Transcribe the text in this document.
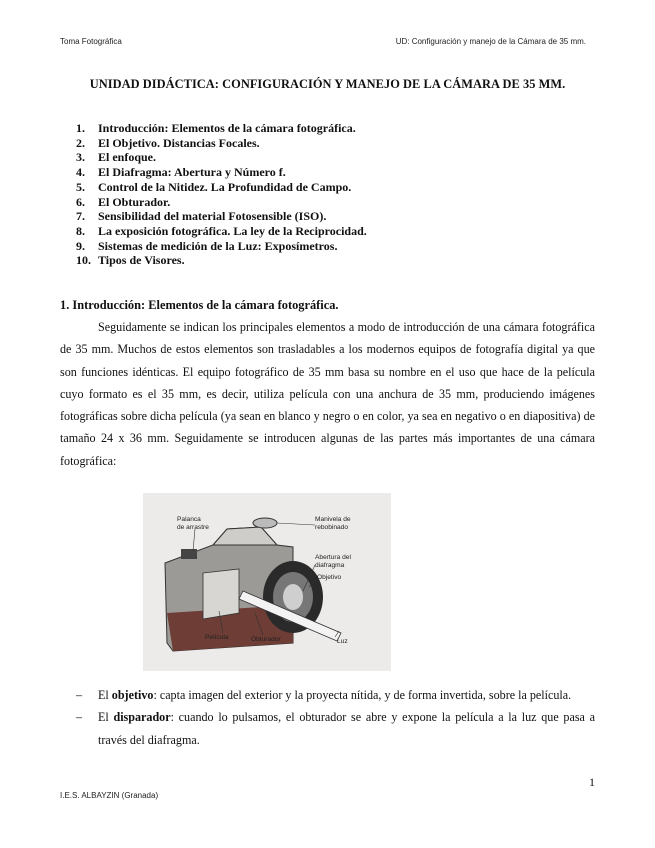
Toma Fotográfica	UD: Configuración y manejo de la Cámara de 35 mm.
UNIDAD DIDÁCTICA: CONFIGURACIÓN Y MANEJO DE LA CÁMARA DE 35 MM.
1.	Introducción: Elementos de la cámara fotográfica.
2.	El Objetivo. Distancias Focales.
3.	El enfoque.
4.	El Diafragma: Abertura y Número f.
5.	Control de la Nitidez. La Profundidad de Campo.
6.	El Obturador.
7.	Sensibilidad del material Fotosensible (ISO).
8.	La exposición fotográfica. La ley de la Reciprocidad.
9.	Sistemas de medición de la Luz: Exposímetros.
10. Tipos de Visores.
1. Introducción: Elementos de la cámara fotográfica.

Seguidamente se indican los principales elementos a modo de introducción de una cámara fotográfica de 35 mm. Muchos de estos elementos son trasladables a los modernos equipos de fotografía digital ya que son funciones idénticas. El equipo fotográfico de 35 mm basa su nombre en el uso que hace de la película cuyo formato es el 35 mm, es decir, utiliza película con una anchura de 35 mm, produciendo imágenes fotográficas sobre dicha película (ya sean en blanco y negro o en color, ya sea en negativo o en diapositiva) de tamaño 24 x 36 mm. Seguidamente se introducen algunas de las partes más importantes de una cámara fotográfica:

Palanca
de arrastre
Manivela de
rebobinado
Abertura del
diafragma
Objetivo
Película	Obturador	Luz
– El objetivo: capta imagen del exterior y la proyecta nítida, y de forma invertida, sobre la película.
– El disparador: cuando lo pulsamos, el obturador se abre y expone la película a la luz que pasa a través del diafragma.
1
I.E.S. ALBAYZIN (Granada)
